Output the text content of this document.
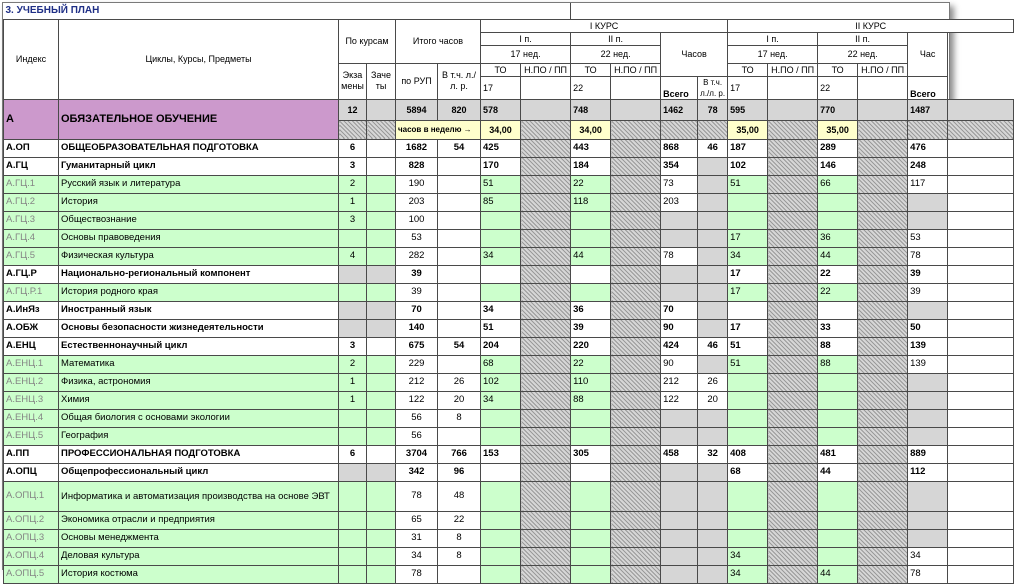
3. УЧЕБНЫЙ ПЛАН																	
Индекс	Циклы, Курсы, Предметы	По курсам		Итого часов		I КУРС						II КУРС					
						I п.		II п.		Часов		I п.		II п.		Час	
						17 нед.		22 нед.				17 нед.		22 нед.			
		Экза мены	Заче ты	по РУП	В т.ч. л./л. р.	ТО	Н.ПО / ПП	ТО	Н.ПО / ПП			ТО	Н.ПО / ПП	ТО	Н.ПО / ПП		
						17		22		Всего	В т.ч. л./л. р.	17		22		Всего	

А	ОБЯЗАТЕЛЬНОЕ ОБУЧЕНИЕ	12		5894	820	578		748		1462	78	595		770		1487	
				часов в неделю →		34,00		34,00				35,00		35,00			
А.ОП	ОБЩЕОБРАЗОВАТЕЛЬНАЯ ПОДГОТОВКА	6		1682	54	425		443		868	46	187		289		476	
А.ГЦ	Гуманитарный цикл	3		828		170		184		354		102		146		248	
А.ГЦ.1	Русский язык и литература	2		190		51		22		73		51		66		117	
А.ГЦ.2	История	1		203		85		118		203							
А.ГЦ.3	Обществознание	3		100													
А.ГЦ.4	Основы правоведения			53								17		36		53	
А.ГЦ.5	Физическая культура	4		282		34		44		78		34		44		78	
А.ГЦ.Р	Национально-региональный компонент			39								17		22		39	
А.ГЦ.Р.1	История родного края			39								17		22		39	
А.ИнЯз	Иностранный язык			70		34		36		70							
А.ОБЖ	Основы безопасности жизнедеятельности			140		51		39		90		17		33		50	
А.ЕНЦ	Естественнонаучный цикл	3		675	54	204		220		424	46	51		88		139	
А.ЕНЦ.1	Математика	2		229		68		22		90		51		88		139	
А.ЕНЦ.2	Физика, астрономия	1		212	26	102		110		212	26						
А.ЕНЦ.3	Химия	1		122	20	34		88		122	20						
А.ЕНЦ.4	Общая биология с основами экологии			56	8												
А.ЕНЦ.5	География			56													
А.ПП	ПРОФЕССИОНАЛЬНАЯ ПОДГОТОВКА	6		3704	766	153		305		458	32	408		481		889	
А.ОПЦ	Общепрофессиональный цикл			342	96							68		44		112	
А.ОПЦ.1	Информатика и автоматизация производства на основе ЭВТ			78	48												
А.ОПЦ.2	Экономика отрасли и предприятия			65	22												
А.ОПЦ.3	Основы менеджмента			31	8												
А.ОПЦ.4	Деловая культура			34	8							34				34	
А.ОПЦ.5	История костюма			78								34		44		78	
